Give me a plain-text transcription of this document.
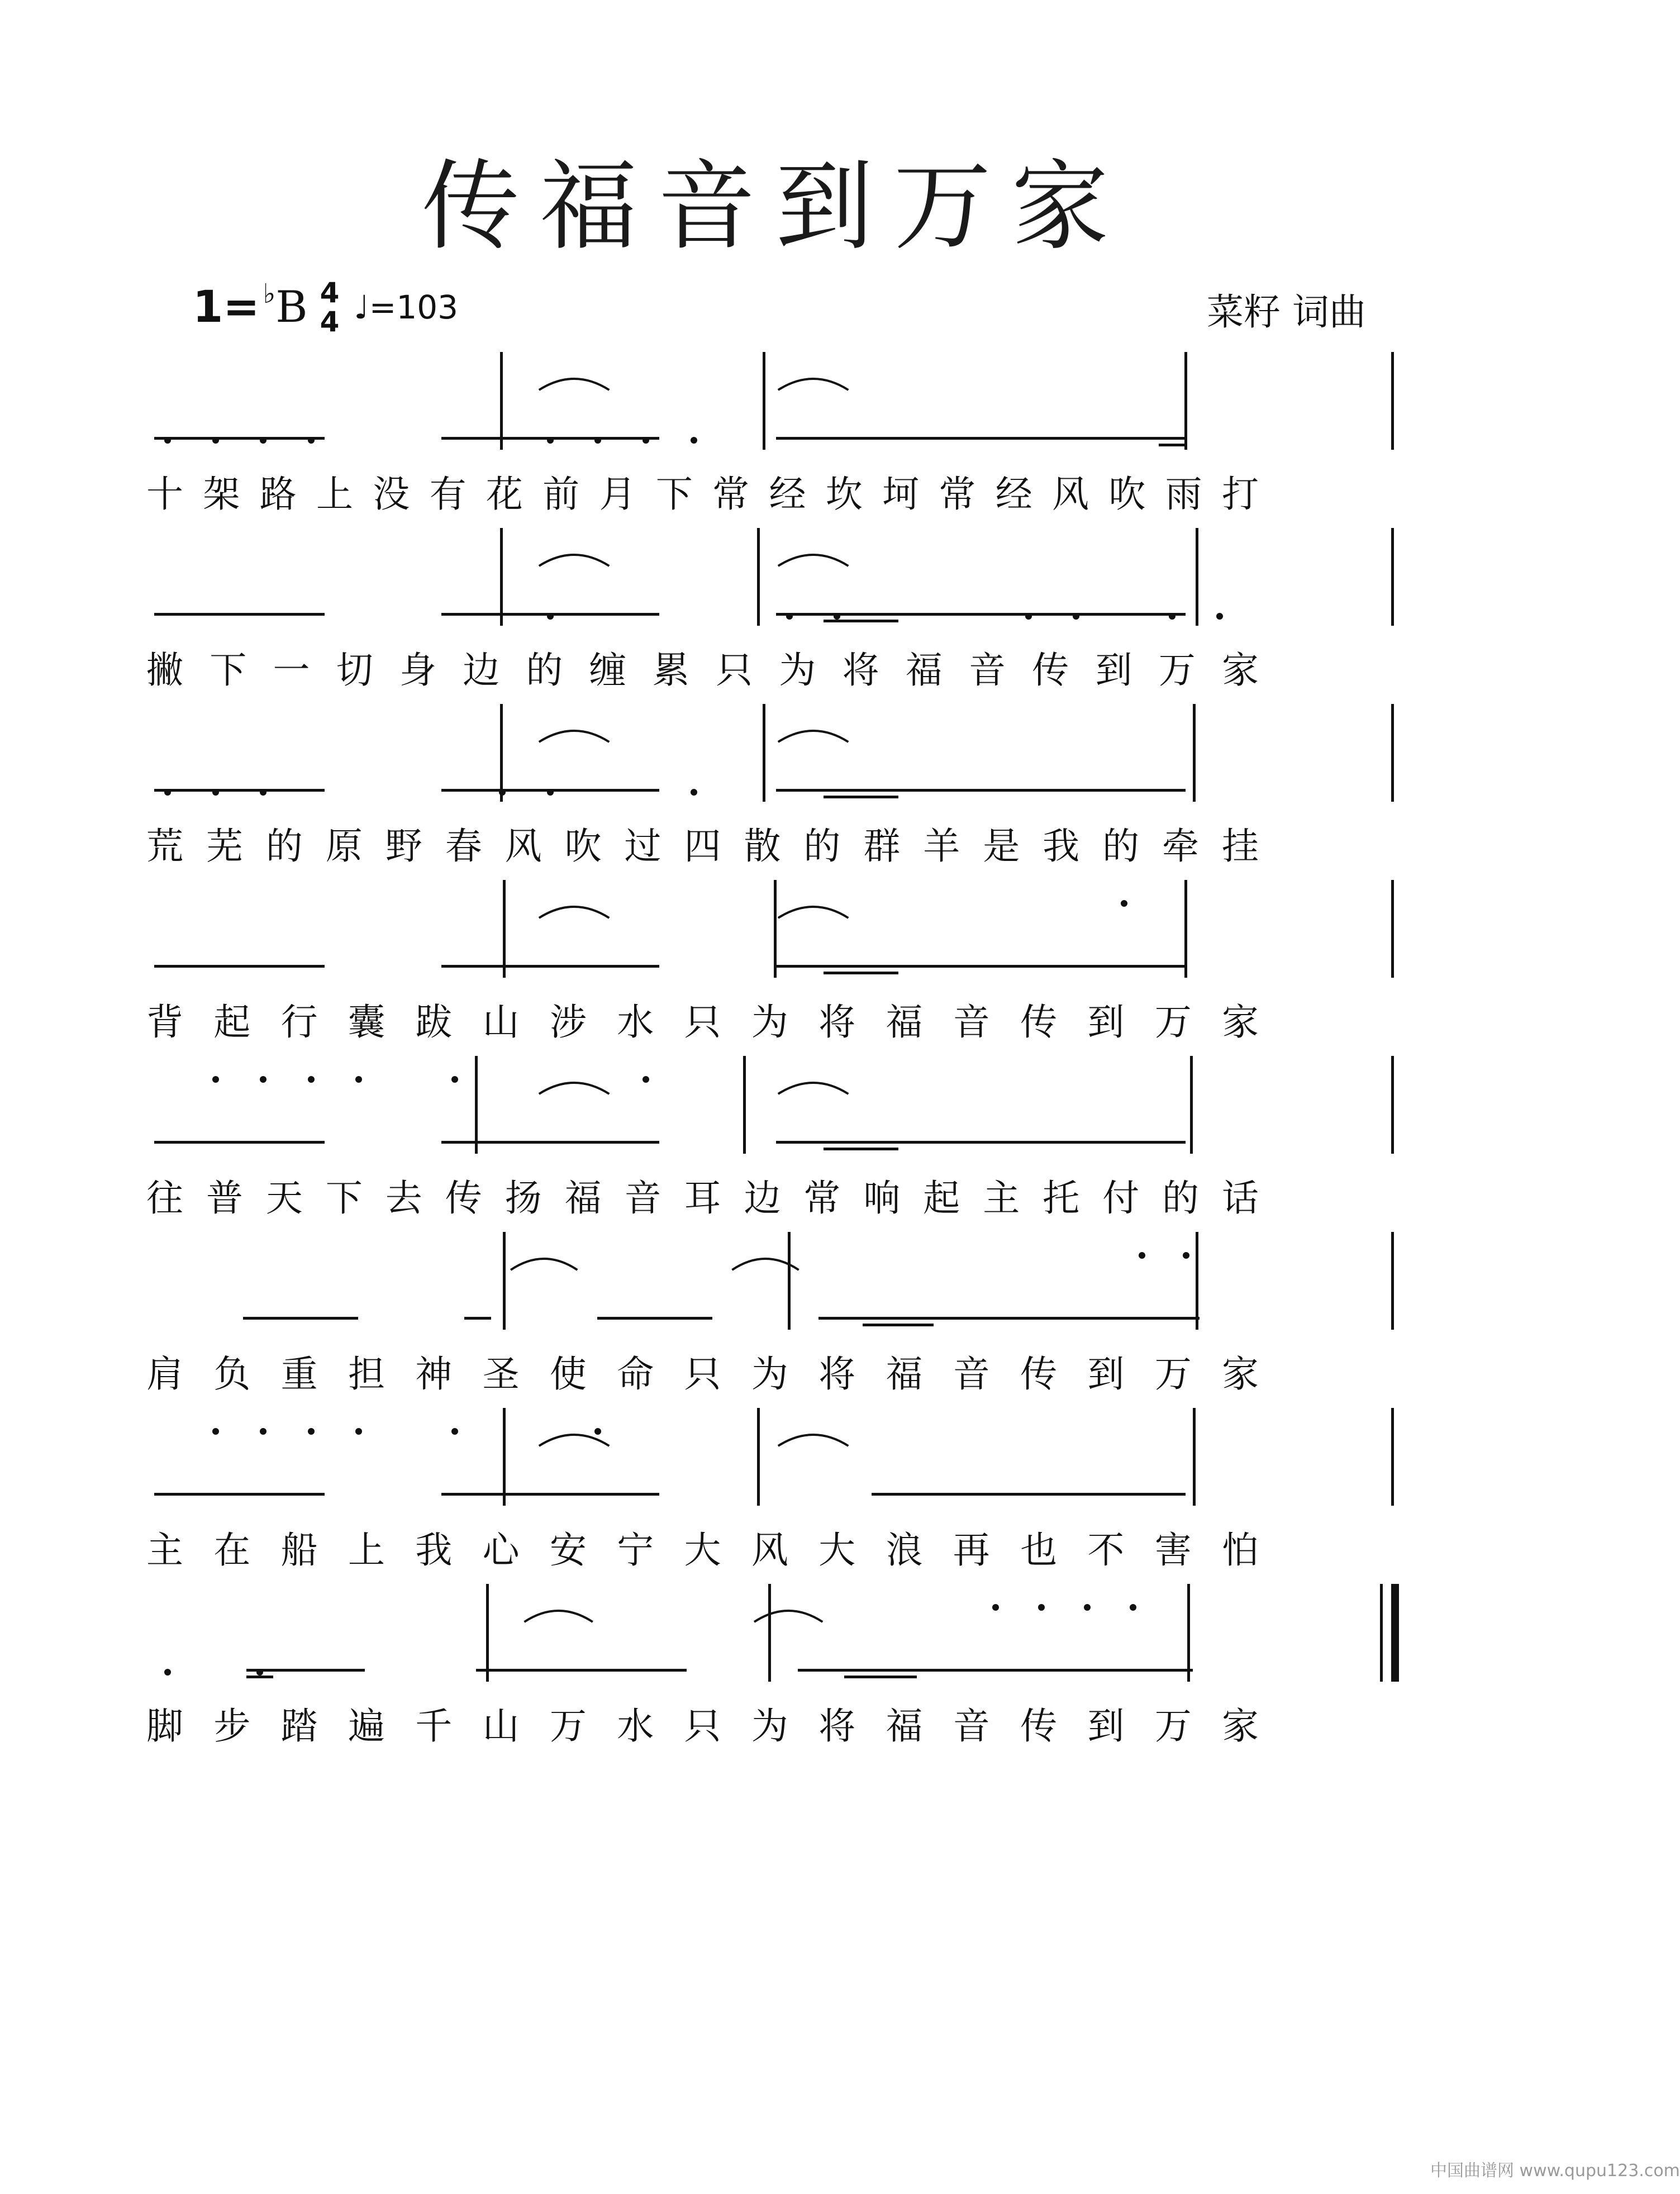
传福音到万家
1= ♭ B 4
4 ♩=103	菜籽 词曲
十 架 路 上 没 有 花 前 月 下 常 经 坎 坷 常 经 风 吹 雨 打
撇 下 一 切 身 边 的 缠 累 只 为 将 福 音 传 到 万 家
荒 芜 的 原 野 春 风 吹 过 四 散 的 群 羊 是 我 的 牵 挂
背 起 行 囊 跋 山 涉 水 只 为 将 福 音 传 到 万 家
往 普 天 下 去 传 扬 福 音 耳 边 常 响 起 主 托 付 的 话
肩 负 重 担 神 圣 使 命 只 为 将 福 音 传 到 万 家
主 在 船 上 我 心 安 宁 大 风 大 浪 再 也 不 害 怕
脚 步 踏 遍 千 山 万 水 只 为 将 福 音 传 到 万 家
中国曲谱网 www.qupu123.com
